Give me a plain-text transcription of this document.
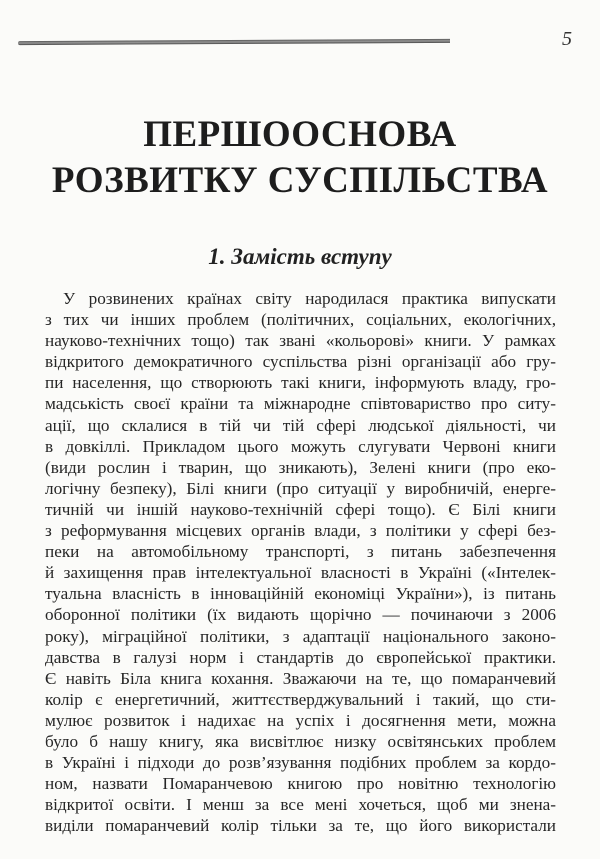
5
ПЕРШООСНОВА
РОЗВИТКУ СУСПІЛЬСТВА
1. Замість вступу
У розвинених країнах світу народилася практика випускати
з тих чи інших проблем (політичних, соціальних, екологічних,
науково-технічних тощо) так звані «кольорові» книги. У рамках
відкритого демократичного суспільства різні організації або гру-
пи населення, що створюють такі книги, інформують владу, гро-
мадськість своєї країни та міжнародне співтовариство про ситу-
ації, що склалися в тій чи тій сфері людської діяльності, чи
в довкіллі. Прикладом цього можуть слугувати Червоні книги
(види рослин і тварин, що зникають), Зелені книги (про еко-
логічну безпеку), Білі книги (про ситуації у виробничій, енерге-
тичній чи іншій науково-технічній сфері тощо). Є Білі книги
з реформування місцевих органів влади, з політики у сфері без-
пеки на автомобільному транспорті, з питань забезпечення
й захищення прав інтелектуальної власності в Україні («Інтелек-
туальна власність в інноваційній економіці України»), із питань
оборонної політики (їх видають щорічно — починаючи з 2006
року), міграційної політики, з адаптації національного законо-
давства в галузі норм і стандартів до європейської практики.
Є навіть Біла книга кохання. Зважаючи на те, що помаранчевий
колір є енергетичний, життєстверджувальний і такий, що сти-
мулює розвиток і надихає на успіх і досягнення мети, можна
було б нашу книгу, яка висвітлює низку освітянських проблем
в Україні і підходи до розв’язування подібних проблем за кордо-
ном, назвати Помаранчевою книгою про новітню технологію
відкритої освіти. І менш за все мені хочеться, щоб ми знена-
виділи помаранчевий колір тільки за те, що його використали
